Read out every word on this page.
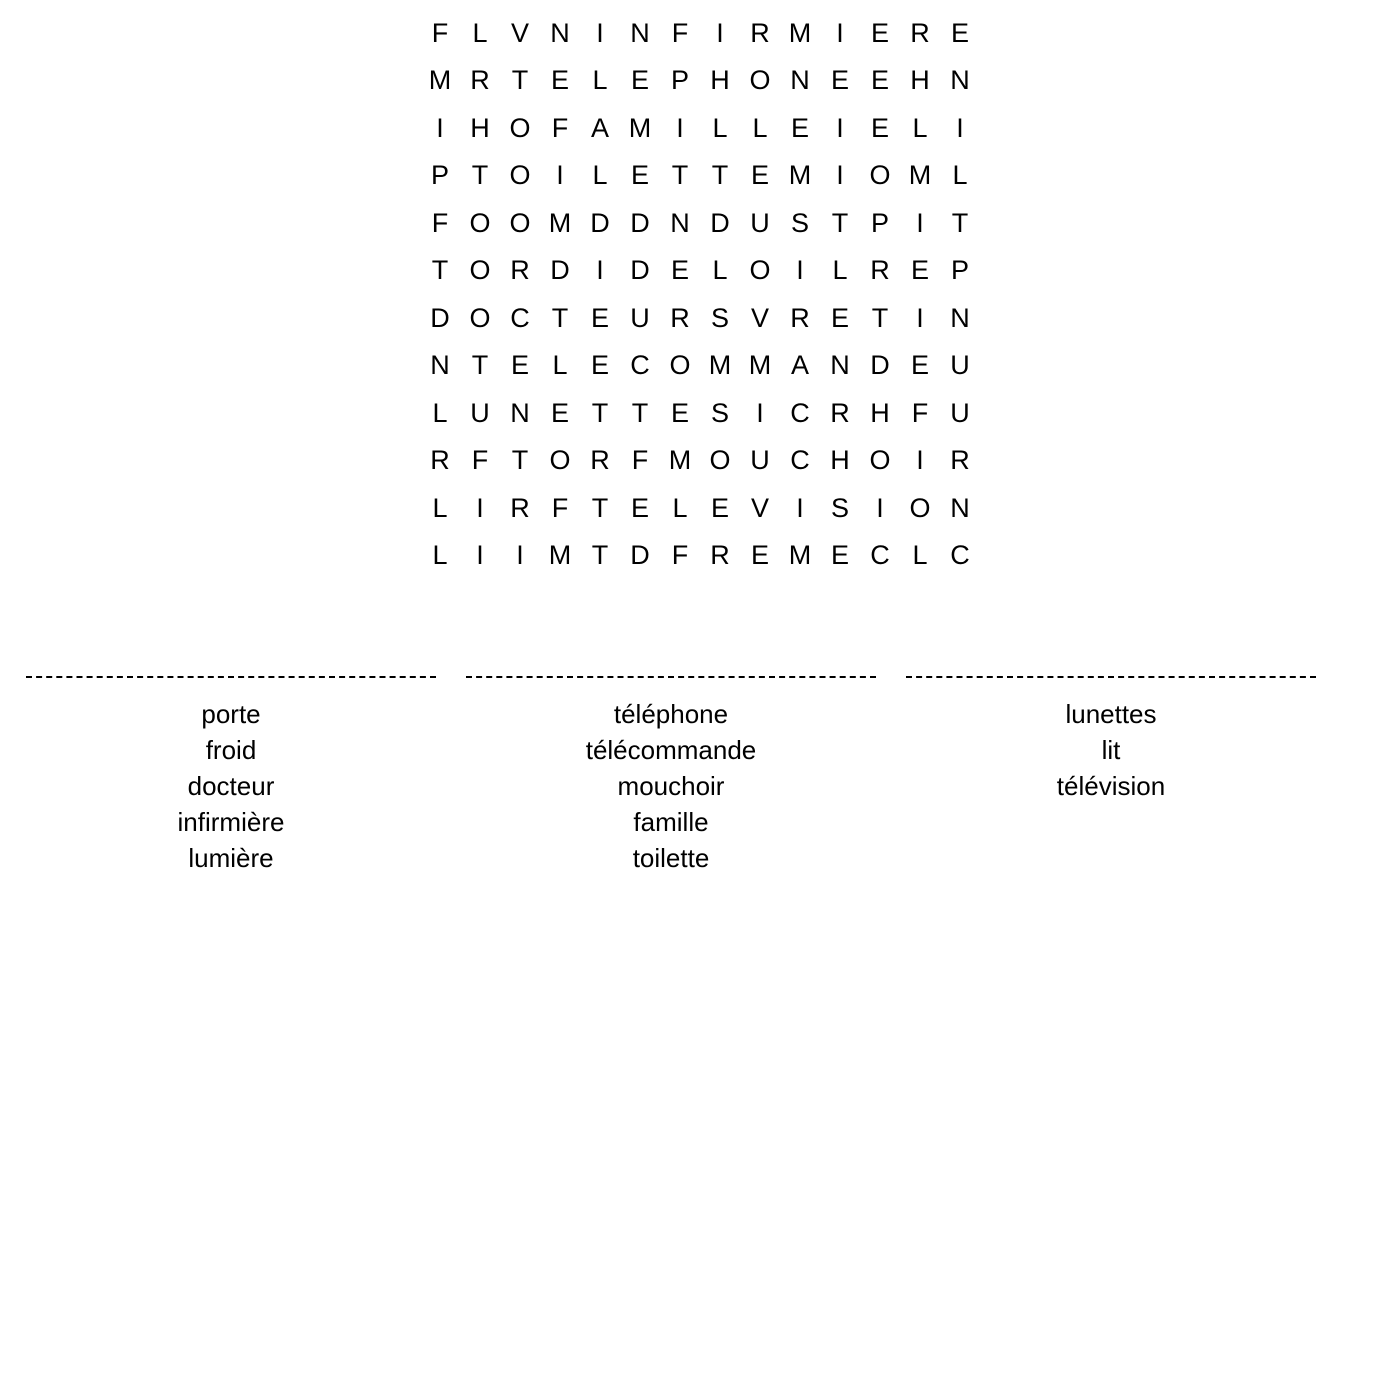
F L V N I N F	I R M I	E R E
M R T E L E P H O N E E H N
I H O F A M I	L L E	I	E L	I
P T O I	L E T T E M I O M L
F O O M D D N D U S T P	I	T
T O R D I D E L O I	L R E P
D O C T E U R S V R E T	I N
N T E L E C O M M A N D E U
L U N E T T E S	I C R H F U
R F T O R F M O U C H O I R
L	I R F T E L E V	I	S	I O N
L	I	I M T D F R E M E C L C
porte
froid
docteur
infirmière
lumière
téléphone
télécommande
mouchoir
famille
toilette
lunettes
lit
télévision
